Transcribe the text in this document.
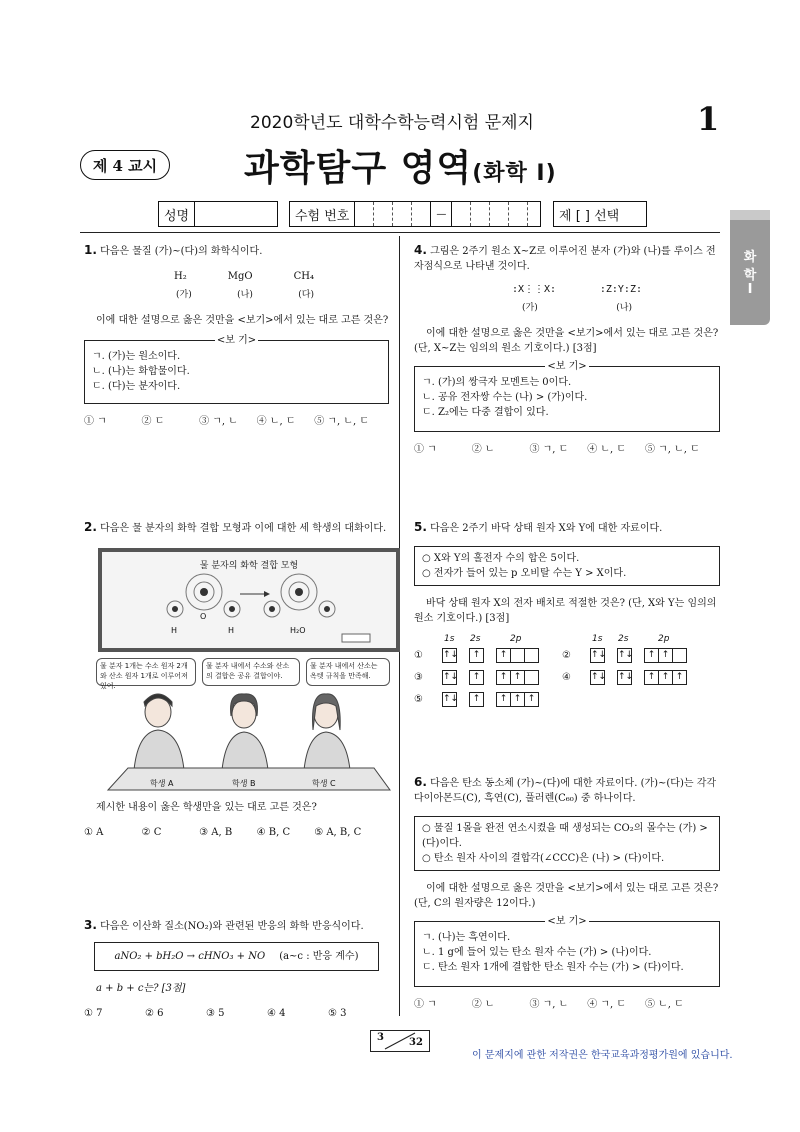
2020학년도 대학수학능력시험 문제지	1
제 4 교시	과학탐구 영역(화학 I)
성명	수험 번호	—	제 [ ] 선택
화
학
I
1. 다음은 물질 (가)~(다)의 화학식이다.
H₂	MgO	CH₄
(가)	(나)	(다)
이에 대한 설명으로 옳은 것만을 <보기>에서 있는 대로 고른 것은?
<보 기>
ㄱ. (가)는 원소이다.
ㄴ. (나)는 화합물이다.
ㄷ. (다)는 분자이다.
① ㄱ	② ㄷ	③ ㄱ, ㄴ	④ ㄴ, ㄷ	⑤ ㄱ, ㄴ, ㄷ
2. 다음은 물 분자의 화학 결합 모형과 이에 대한 세 학생의 대화이다.
물 분자의 화학 결합 모형
H
O
H	H₂O
물 분자 1개는 수소 원자 2개와 산소 원자 1개로 이루어져 있어.
물 분자 내에서 수소와 산소의 결합은 공유 결합이야.
물 분자 내에서 산소는 옥텟 규칙을 만족해.
학생 A	학생 B	학생 C
제시한 내용이 옳은 학생만을 있는 대로 고른 것은?
① A	② C	③ A, B	④ B, C	⑤ A, B, C
3. 다음은 이산화 질소(NO₂)와 관련된 반응의 화학 반응식이다.
aNO₂ + bH₂O → cHNO₃ + NO (a~c : 반응 계수)
a + b + c는? [3점]
① 7	② 6	③ 5	④ 4	⑤ 3
4. 그림은 2주기 원소 X~Z로 이루어진 분자 (가)와 (나)를 루이스 전자점식으로 나타낸 것이다.
:X⋮⋮X:	:Z:Y:Z:
(가)	(나)
이에 대한 설명으로 옳은 것만을 <보기>에서 있는 대로 고른 것은? (단, X~Z는 임의의 원소 기호이다.) [3점]
<보 기>
ㄱ. (가)의 쌍극자 모멘트는 0이다.
ㄴ. 공유 전자쌍 수는 (나) > (가)이다.
ㄷ. Z₂에는 다중 결합이 있다.
① ㄱ	② ㄴ	③ ㄱ, ㄷ	④ ㄴ, ㄷ	⑤ ㄱ, ㄴ, ㄷ
5. 다음은 2주기 바닥 상태 원자 X와 Y에 대한 자료이다.
○ X와 Y의 홀전자 수의 합은 5이다.
○ 전자가 들어 있는 p 오비탈 수는 Y > X이다.
바닥 상태 원자 X의 전자 배치로 적절한 것은? (단, X와 Y는 임의의 원소 기호이다.) [3점]
1s 2s	2p	1s 2s	2p
①	↑↓	↑	↑	②	↑↓ ↑↓	↑ ↑
③	↑↓	↑	↑ ↑	④	↑↓ ↑↓	↑ ↑ ↑
⑤	↑↓	↑	↑ ↑ ↑
6. 다음은 탄소 동소체 (가)~(다)에 대한 자료이다. (가)~(다)는 각각 다이아몬드(C), 흑연(C), 풀러렌(C₆₀) 중 하나이다.
○ 물질 1몰을 완전 연소시켰을 때 생성되는 CO₂의 몰수는 (가) > (다)이다.
○ 탄소 원자 사이의 결합각(∠CCC)은 (나) > (다)이다.
이에 대한 설명으로 옳은 것만을 <보기>에서 있는 대로 고른 것은? (단, C의 원자량은 12이다.)
<보 기>
ㄱ. (나)는 흑연이다.
ㄴ. 1 g에 들어 있는 탄소 원자 수는 (가) > (나)이다.
ㄷ. 탄소 원자 1개에 결합한 탄소 원자 수는 (가) > (다)이다.
① ㄱ	② ㄴ	③ ㄱ, ㄴ	④ ㄱ, ㄷ	⑤ ㄴ, ㄷ
3	32
이 문제지에 관한 저작권은 한국교육과정평가원에 있습니다.
